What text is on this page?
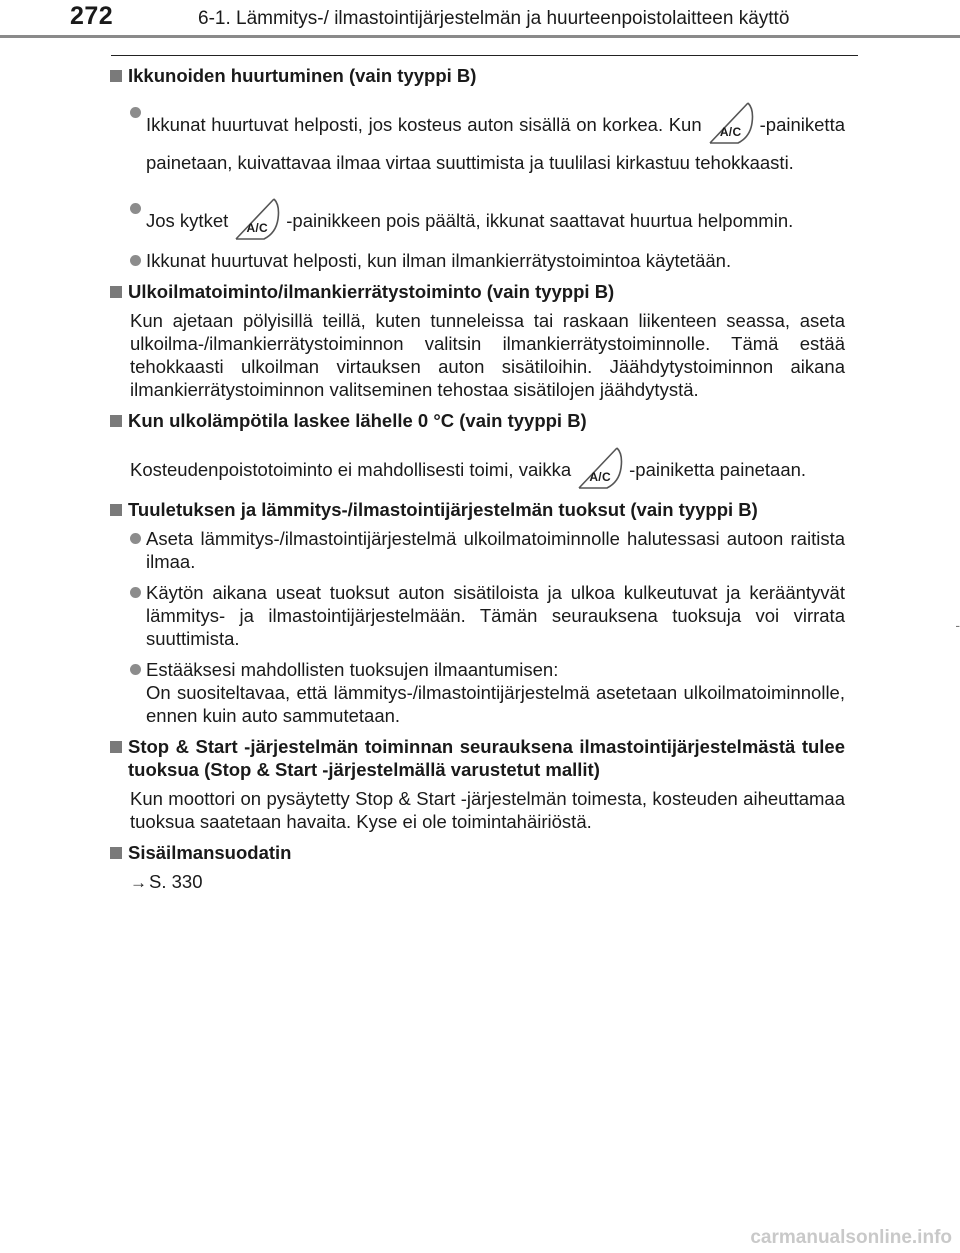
272	6-1. Lämmitys-/ ilmastointijärjestelmän ja huurteenpoistolaitteen käyttö
-
Ikkunoiden huurtuminen (vain tyyppi B)
Ikkunat huurtuvat helposti, jos kosteus auton sisällä on korkea. Kun	A/C -painiketta painetaan, kuivattavaa ilmaa virtaa suuttimista ja tuulilasi kirkastuu tehokkaasti.
Jos kytket	A/C -painikkeen pois päältä, ikkunat saattavat huurtua helpommin.
Ikkunat huurtuvat helposti, kun ilman ilmankierrätystoimintoa käytetään.
Ulkoilmatoiminto/ilmankierrätystoiminto (vain tyyppi B)
Kun ajetaan pölyisillä teillä, kuten tunneleissa tai raskaan liikenteen seassa, aseta ulkoilma-/ilmankierrätystoiminnon valitsin ilmankierrätystoiminnolle. Tämä estää tehokkaasti ulkoilman virtauksen auton sisätiloihin. Jäähdytystoiminnon aikana ilmankierrätystoiminnon valitseminen tehostaa sisätilojen jäähdytystä.
Kun ulkolämpötila laskee lähelle 0 °C (vain tyyppi B)
Kosteudenpoistotoiminto ei mahdollisesti toimi, vaikka	A/C -painiketta painetaan.
Tuuletuksen ja lämmitys-/ilmastointijärjestelmän tuoksut (vain tyyppi B)
Aseta lämmitys-/ilmastointijärjestelmä ulkoilmatoiminnolle halutessasi autoon raitista ilmaa.
Käytön aikana useat tuoksut auton sisätiloista ja ulkoa kulkeutuvat ja kerääntyvät lämmitys- ja ilmastointijärjestelmään. Tämän seurauksena tuoksuja voi virrata suuttimista.
Estääksesi mahdollisten tuoksujen ilmaantumisen:
On suositeltavaa, että lämmitys-/ilmastointijärjestelmä asetetaan ulkoilmatoiminnolle, ennen kuin auto sammutetaan.
Stop & Start -järjestelmän toiminnan seurauksena ilmastointijärjestelmästä tulee tuoksua (Stop & Start -järjestelmällä varustetut mallit)
Kun moottori on pysäytetty Stop & Start -järjestelmän toimesta, kosteuden aiheuttamaa tuoksua saatetaan havaita. Kyse ei ole toimintahäiriöstä.
Sisäilmansuodatin
→ S. 330
carmanualsonline.info
